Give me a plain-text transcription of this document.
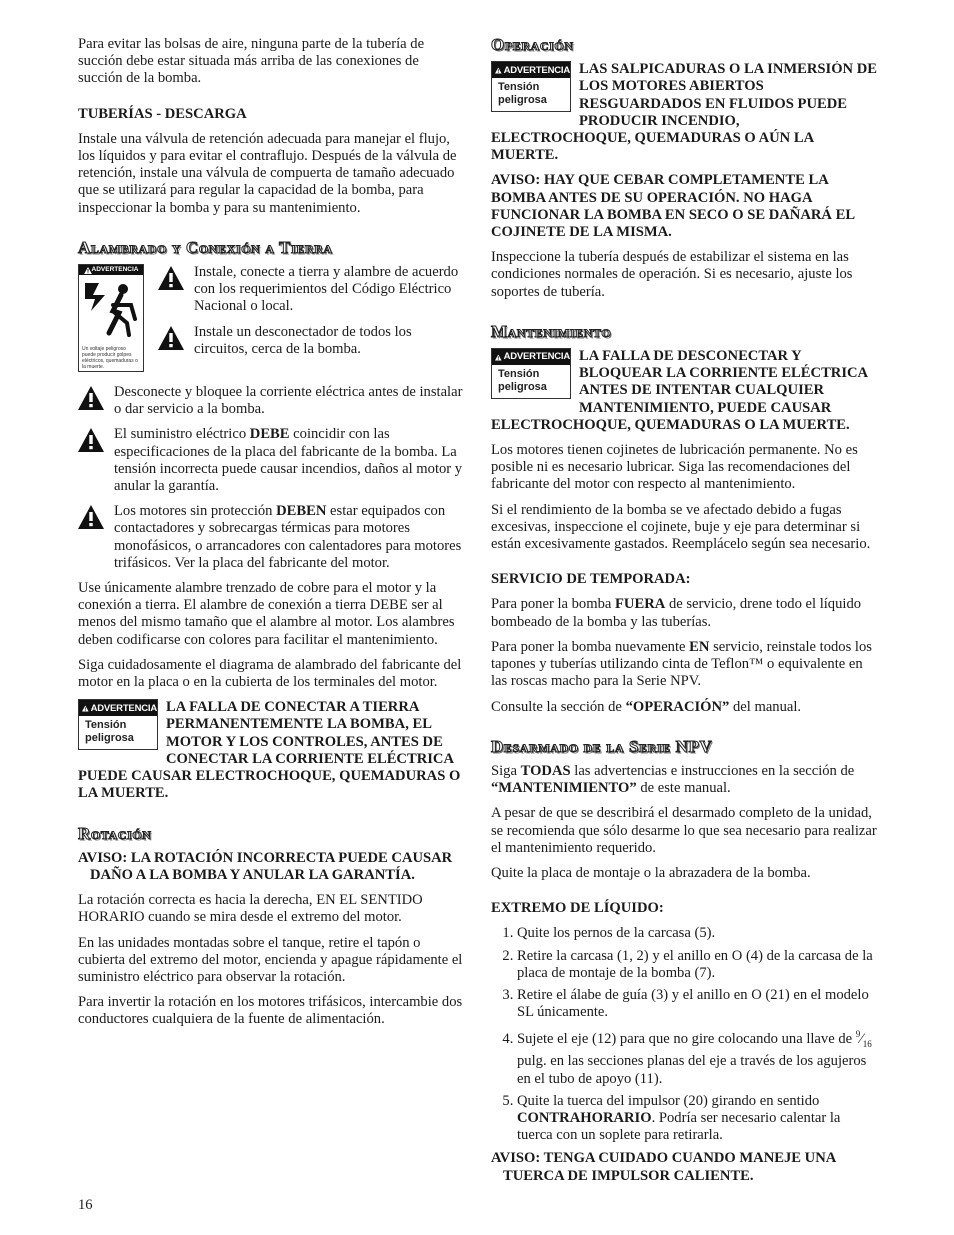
Para evitar las bolsas de aire, ninguna parte de la tubería de succión debe estar situada más arriba de las conexiones de succión de la bomba.

TUBERÍAS - DESCARGA

Instale una válvula de retención adecuada para manejar el flujo, los líquidos y para evitar el contraflujo. Después de la válvula de retención, instale una válvula de compuerta de tamaño adecuado que se utilizará para regular la capacidad de la bomba, para inspeccionar la bomba y para su mantenimiento.

Alambrado y Conexión a Tierra
ADVERTENCIA
Un voltaje peligroso puede producir golpes eléctricos, quemaduras o la muerte.
Instale, conecte a tierra y alambre de acuerdo con los requerimientos del Código Eléctrico Nacional o local.
Instale un desconectador de todos los circuitos, cerca de la bomba.
Desconecte y bloquee la corriente eléctrica antes de instalar o dar servicio a la bomba.
El suministro eléctrico DEBE coincidir con las especificaciones de la placa del fabricante de la bomba. La tensión incorrecta puede causar incendios, daños al motor y anular la garantía.
Los motores sin protección DEBEN estar equipados con contactadores y sobrecargas térmicas para motores monofásicos, o arrancadores con calentadores para motores trifásicos. Ver la placa del fabricante del motor.

Use únicamente alambre trenzado de cobre para el motor y la conexión a tierra. El alambre de conexión a tierra DEBE ser al menos del mismo tamaño que el alambre al motor. Los alambres deben codificarse con colores para facilitar el mantenimiento.

Siga cuidadosamente el diagrama de alambrado del fabricante del motor en la placa o en la cubierta de los terminales del motor.

ADVERTENCIA
Tensión peligrosa
LA FALLA DE CONECTAR A TIERRA PERMANENTEMENTE LA BOMBA, EL MOTOR Y LOS CONTROLES, ANTES DE CONECTAR LA CORRIENTE ELÉCTRICA PUEDE CAUSAR ELECTROCHOQUE, QUEMADURAS O LA MUERTE.
Rotación

AVISO: LA ROTACIÓN INCORRECTA PUEDE CAUSAR DAÑO A LA BOMBA Y ANULAR LA GARANTÍA.

La rotación correcta es hacia la derecha, EN EL SENTIDO HORARIO cuando se mira desde el extremo del motor.

En las unidades montadas sobre el tanque, retire el tapón o cubierta del extremo del motor, encienda y apague rápidamente el suministro eléctrico para observar la rotación.

Para invertir la rotación en los motores trifásicos, intercambie dos conductores cualquiera de la fuente de alimentación.

Operación
ADVERTENCIA
Tensión peligrosa
LAS SALPICADURAS O LA INMERSIÓN DE LOS MOTORES ABIERTOS RESGUARDADOS EN FLUIDOS PUEDE PRODUCIR INCENDIO, ELECTROCHOQUE, QUEMADURAS O AÚN LA MUERTE.

AVISO: HAY QUE CEBAR COMPLETAMENTE LA BOMBA ANTES DE SU OPERACIÓN. NO HAGA FUNCIONAR LA BOMBA EN SECO O SE DAÑARÁ EL COJINETE DE LA MISMA.

Inspeccione la tubería después de estabilizar el sistema en las condiciones normales de operación. Si es necesario, ajuste los soportes de tubería.

Mantenimiento
ADVERTENCIA
Tensión peligrosa
LA FALLA DE DESCONECTAR Y BLOQUEAR LA CORRIENTE ELÉCTRICA ANTES DE INTENTAR CUALQUIER MANTENIMIENTO, PUEDE CAUSAR ELECTROCHOQUE, QUEMADURAS O LA MUERTE.

Los motores tienen cojinetes de lubricación permanente. No es posible ni es necesario lubricar. Siga las recomendaciones del fabricante del motor con respecto al mantenimiento.

Si el rendimiento de la bomba se ve afectado debido a fugas excesivas, inspeccione el cojinete, buje y eje para determinar si están excesivamente gastados. Reemplácelo según sea necesario.

SERVICIO DE TEMPORADA:

Para poner la bomba FUERA de servicio, drene todo el líquido bombeado de la bomba y las tuberías.

Para poner la bomba nuevamente EN servicio, reinstale todos los tapones y tuberías utilizando cinta de Teflon™ o equivalente en las roscas macho para la Serie NPV.

Consulte la sección de “OPERACIÓN” del manual.

Desarmado de la Serie NPV

Siga TODAS las advertencias e instrucciones en la sección de “MANTENIMIENTO” de este manual.

A pesar de que se describirá el desarmado completo de la unidad, se recomienda que sólo desarme lo que sea necesario para realizar el mantenimiento requerido.

Quite la placa de montaje o la abrazadera de la bomba.

EXTREMO DE LÍQUIDO:

1. Quite los pernos de la carcasa (5).
2. Retire la carcasa (1, 2) y el anillo en O (4) de la carcasa de la placa de montaje de la bomba (7).
3. Retire el álabe de guía (3) y el anillo en O (21) en el modelo SL únicamente.
4. Sujete el eje (12) para que no gire colocando una llave de $^9⁄_{16}$ pulg. en las secciones planas del eje a través de los agujeros en el tubo de apoyo (11).
5. Quite la tuerca del impulsor (20) girando en sentido CONTRAHORARIO. Podría ser necesario calentar la tuerca con un soplete para retirarla.

AVISO: TENGA CUIDADO CUANDO MANEJE UNA TUERCA DE IMPULSOR CALIENTE.

16
